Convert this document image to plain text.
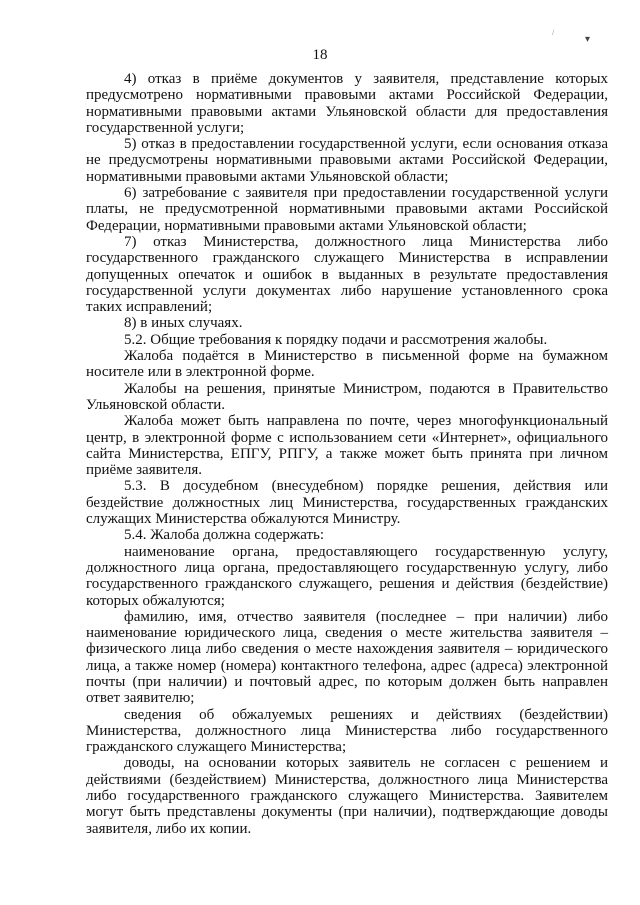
/
▾
18

4) отказ в приёме документов у заявителя, представление которых предусмотрено нормативными правовыми актами Российской Федерации, нормативными правовыми актами Ульяновской области для предоставления государственной услуги;

5) отказ в предоставлении государственной услуги, если основания отказа не предусмотрены нормативными правовыми актами Российской Федерации, нормативными правовыми актами Ульяновской области;

6) затребование с заявителя при предоставлении государственной услуги платы, не предусмотренной нормативными правовыми актами Российской Федерации, нормативными правовыми актами Ульяновской области;

7) отказ Министерства, должностного лица Министерства либо государственного гражданского служащего Министерства в исправлении допущенных опечаток и ошибок в выданных в результате предоставления государственной услуги документах либо нарушение установленного срока таких исправлений;

8) в иных случаях.

5.2. Общие требования к порядку подачи и рассмотрения жалобы.

Жалоба подаётся в Министерство в письменной форме на бумажном носителе или в электронной форме.

Жалобы на решения, принятые Министром, подаются в Правительство Ульяновской области.

Жалоба может быть направлена по почте, через многофункциональный центр, в электронной форме с использованием сети «Интернет», официального сайта Министерства, ЕПГУ, РПГУ, а также может быть принята при личном приёме заявителя.

5.3. В досудебном (внесудебном) порядке решения, действия или бездействие должностных лиц Министерства, государственных гражданских служащих Министерства обжалуются Министру.

5.4. Жалоба должна содержать:

наименование органа, предоставляющего государственную услугу, должностного лица органа, предоставляющего государственную услугу, либо государственного гражданского служащего, решения и действия (бездействие) которых обжалуются;

фамилию, имя, отчество заявителя (последнее – при наличии) либо наименование юридического лица, сведения о месте жительства заявителя – физического лица либо сведения о месте нахождения заявителя – юридического лица, а также номер (номера) контактного телефона, адрес (адреса) электронной почты (при наличии) и почтовый адрес, по которым должен быть направлен ответ заявителю;

сведения об обжалуемых решениях и действиях (бездействии) Министерства, должностного лица Министерства либо государственного гражданского служащего Министерства;

доводы, на основании которых заявитель не согласен с решением и действиями (бездействием) Министерства, должностного лица Министерства либо государственного гражданского служащего Министерства. Заявителем могут быть представлены документы (при наличии), подтверждающие доводы заявителя, либо их копии.
